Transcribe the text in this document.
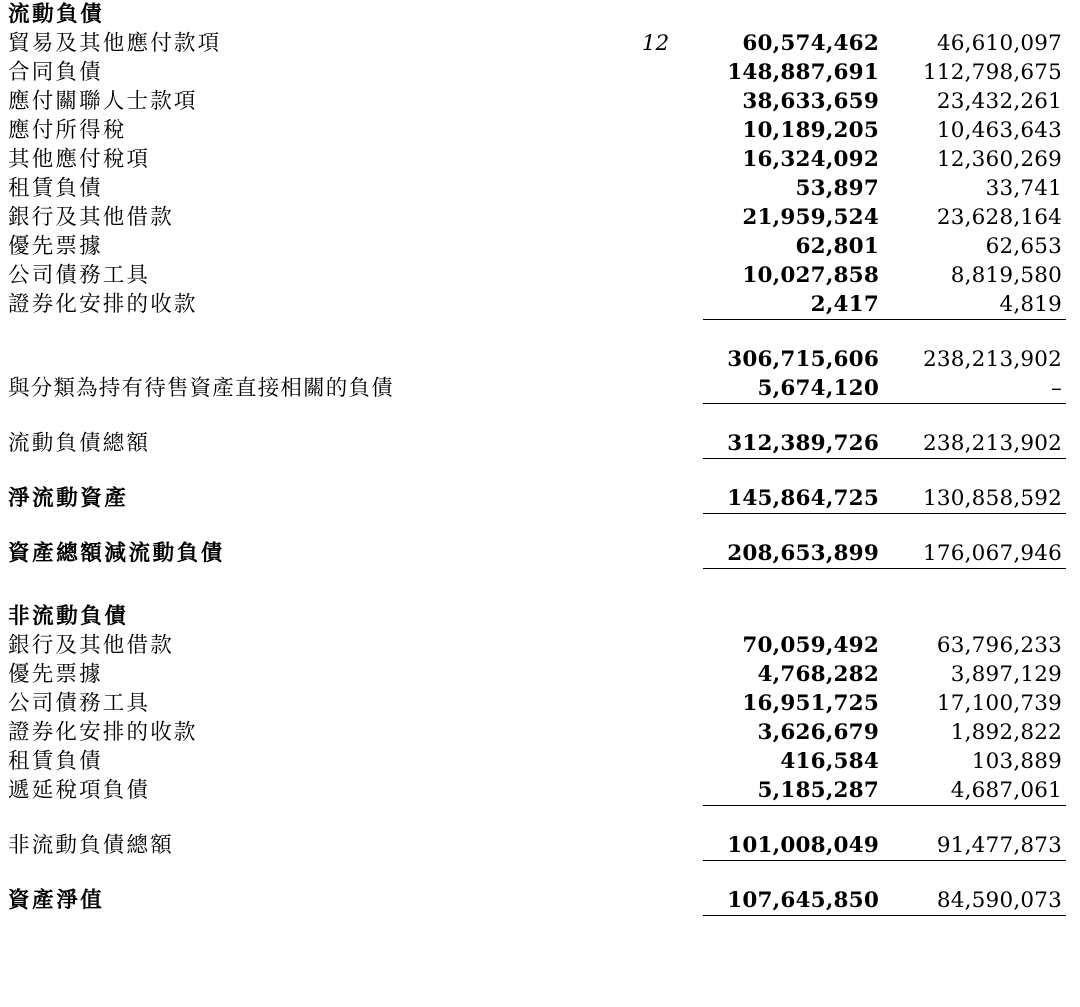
流動負債			
貿易及其他應付款項	12	60,574,462	46,610,097
合同負債		148,887,691	112,798,675
應付關聯人士款項		38,633,659	23,432,261
應付所得稅		10,189,205	10,463,643
其他應付稅項		16,324,092	12,360,269
租賃負債		53,897	33,741
銀行及其他借款		21,959,524	23,628,164
優先票據		62,801	62,653
公司債務工具		10,027,858	8,819,580
證券化安排的收款		2,417	4,819

		306,715,606	238,213,902
與分類為持有待售資產直接相關的負債		5,674,120	–

流動負債總額		312,389,726	238,213,902

淨流動資產		145,864,725	130,858,592

資產總額減流動負債		208,653,899	176,067,946

非流動負債			
銀行及其他借款		70,059,492	63,796,233
優先票據		4,768,282	3,897,129
公司債務工具		16,951,725	17,100,739
證券化安排的收款		3,626,679	1,892,822
租賃負債		416,584	103,889
遞延稅項負債		5,185,287	4,687,061

非流動負債總額		101,008,049	91,477,873

資產淨值		107,645,850	84,590,073
